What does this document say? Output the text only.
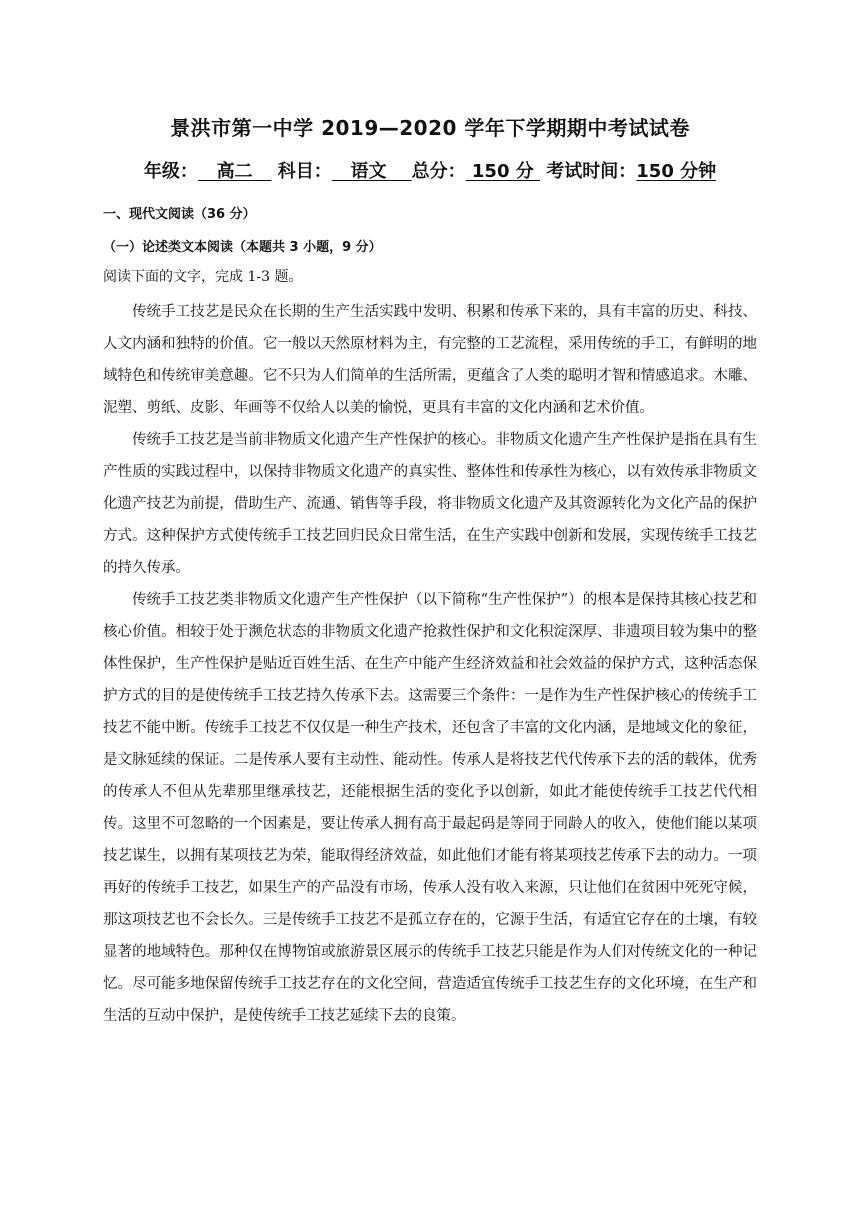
景洪市第一中学 2019—2020 学年下学期期中考试试卷
年级：   高二    科目：   语文    总分： 150 分  考试时间：150 分钟
一、现代文阅读（36 分）
（一）论述类文本阅读（本题共 3 小题，9 分）
阅读下面的文字，完成 1-3 题。

传统手工技艺是民众在长期的生产生活实践中发明、积累和传承下来的，具有丰富的历史、科技、人文内涵和独特的价值。它一般以天然原材料为主，有完整的工艺流程，采用传统的手工，有鲜明的地域特色和传统审美意趣。它不只为人们简单的生活所需，更蕴含了人类的聪明才智和情感追求。木雕、泥塑、剪纸、皮影、年画等不仅给人以美的愉悦，更具有丰富的文化内涵和艺术价值。

传统手工技艺是当前非物质文化遗产生产性保护的核心。非物质文化遗产生产性保护是指在具有生产性质的实践过程中，以保持非物质文化遗产的真实性、整体性和传承性为核心，以有效传承非物质文化遗产技艺为前提，借助生产、流通、销售等手段，将非物质文化遗产及其资源转化为文化产品的保护方式。这种保护方式使传统手工技艺回归民众日常生活，在生产实践中创新和发展，实现传统手工技艺的持久传承。

传统手工技艺类非物质文化遗产生产性保护（以下简称“生产性保护”）的根本是保持其核心技艺和核心价值。相较于处于濒危状态的非物质文化遗产抢救性保护和文化积淀深厚、非遗项目较为集中的整体性保护，生产性保护是贴近百姓生活、在生产中能产生经济效益和社会效益的保护方式，这种活态保护方式的目的是使传统手工技艺持久传承下去。这需要三个条件：一是作为生产性保护核心的传统手工技艺不能中断。传统手工技艺不仅仅是一种生产技术，还包含了丰富的文化内涵，是地域文化的象征，是文脉延续的保证。二是传承人要有主动性、能动性。传承人是将技艺代代传承下去的活的载体，优秀的传承人不但从先辈那里继承技艺，还能根据生活的变化予以创新，如此才能使传统手工技艺代代相传。这里不可忽略的一个因素是，要让传承人拥有高于最起码是等同于同龄人的收入，使他们能以某项技艺谋生，以拥有某项技艺为荣，能取得经济效益，如此他们才能有将某项技艺传承下去的动力。一项再好的传统手工技艺，如果生产的产品没有市场，传承人没有收入来源，只让他们在贫困中死死守候，那这项技艺也不会长久。三是传统手工技艺不是孤立存在的，它源于生活，有适宜它存在的土壤，有较显著的地域特色。那种仅在博物馆或旅游景区展示的传统手工技艺只能是作为人们对传统文化的一种记忆。尽可能多地保留传统手工技艺存在的文化空间，营造适宜传统手工技艺生存的文化环境，在生产和生活的互动中保护，是使传统手工技艺延续下去的良策。
